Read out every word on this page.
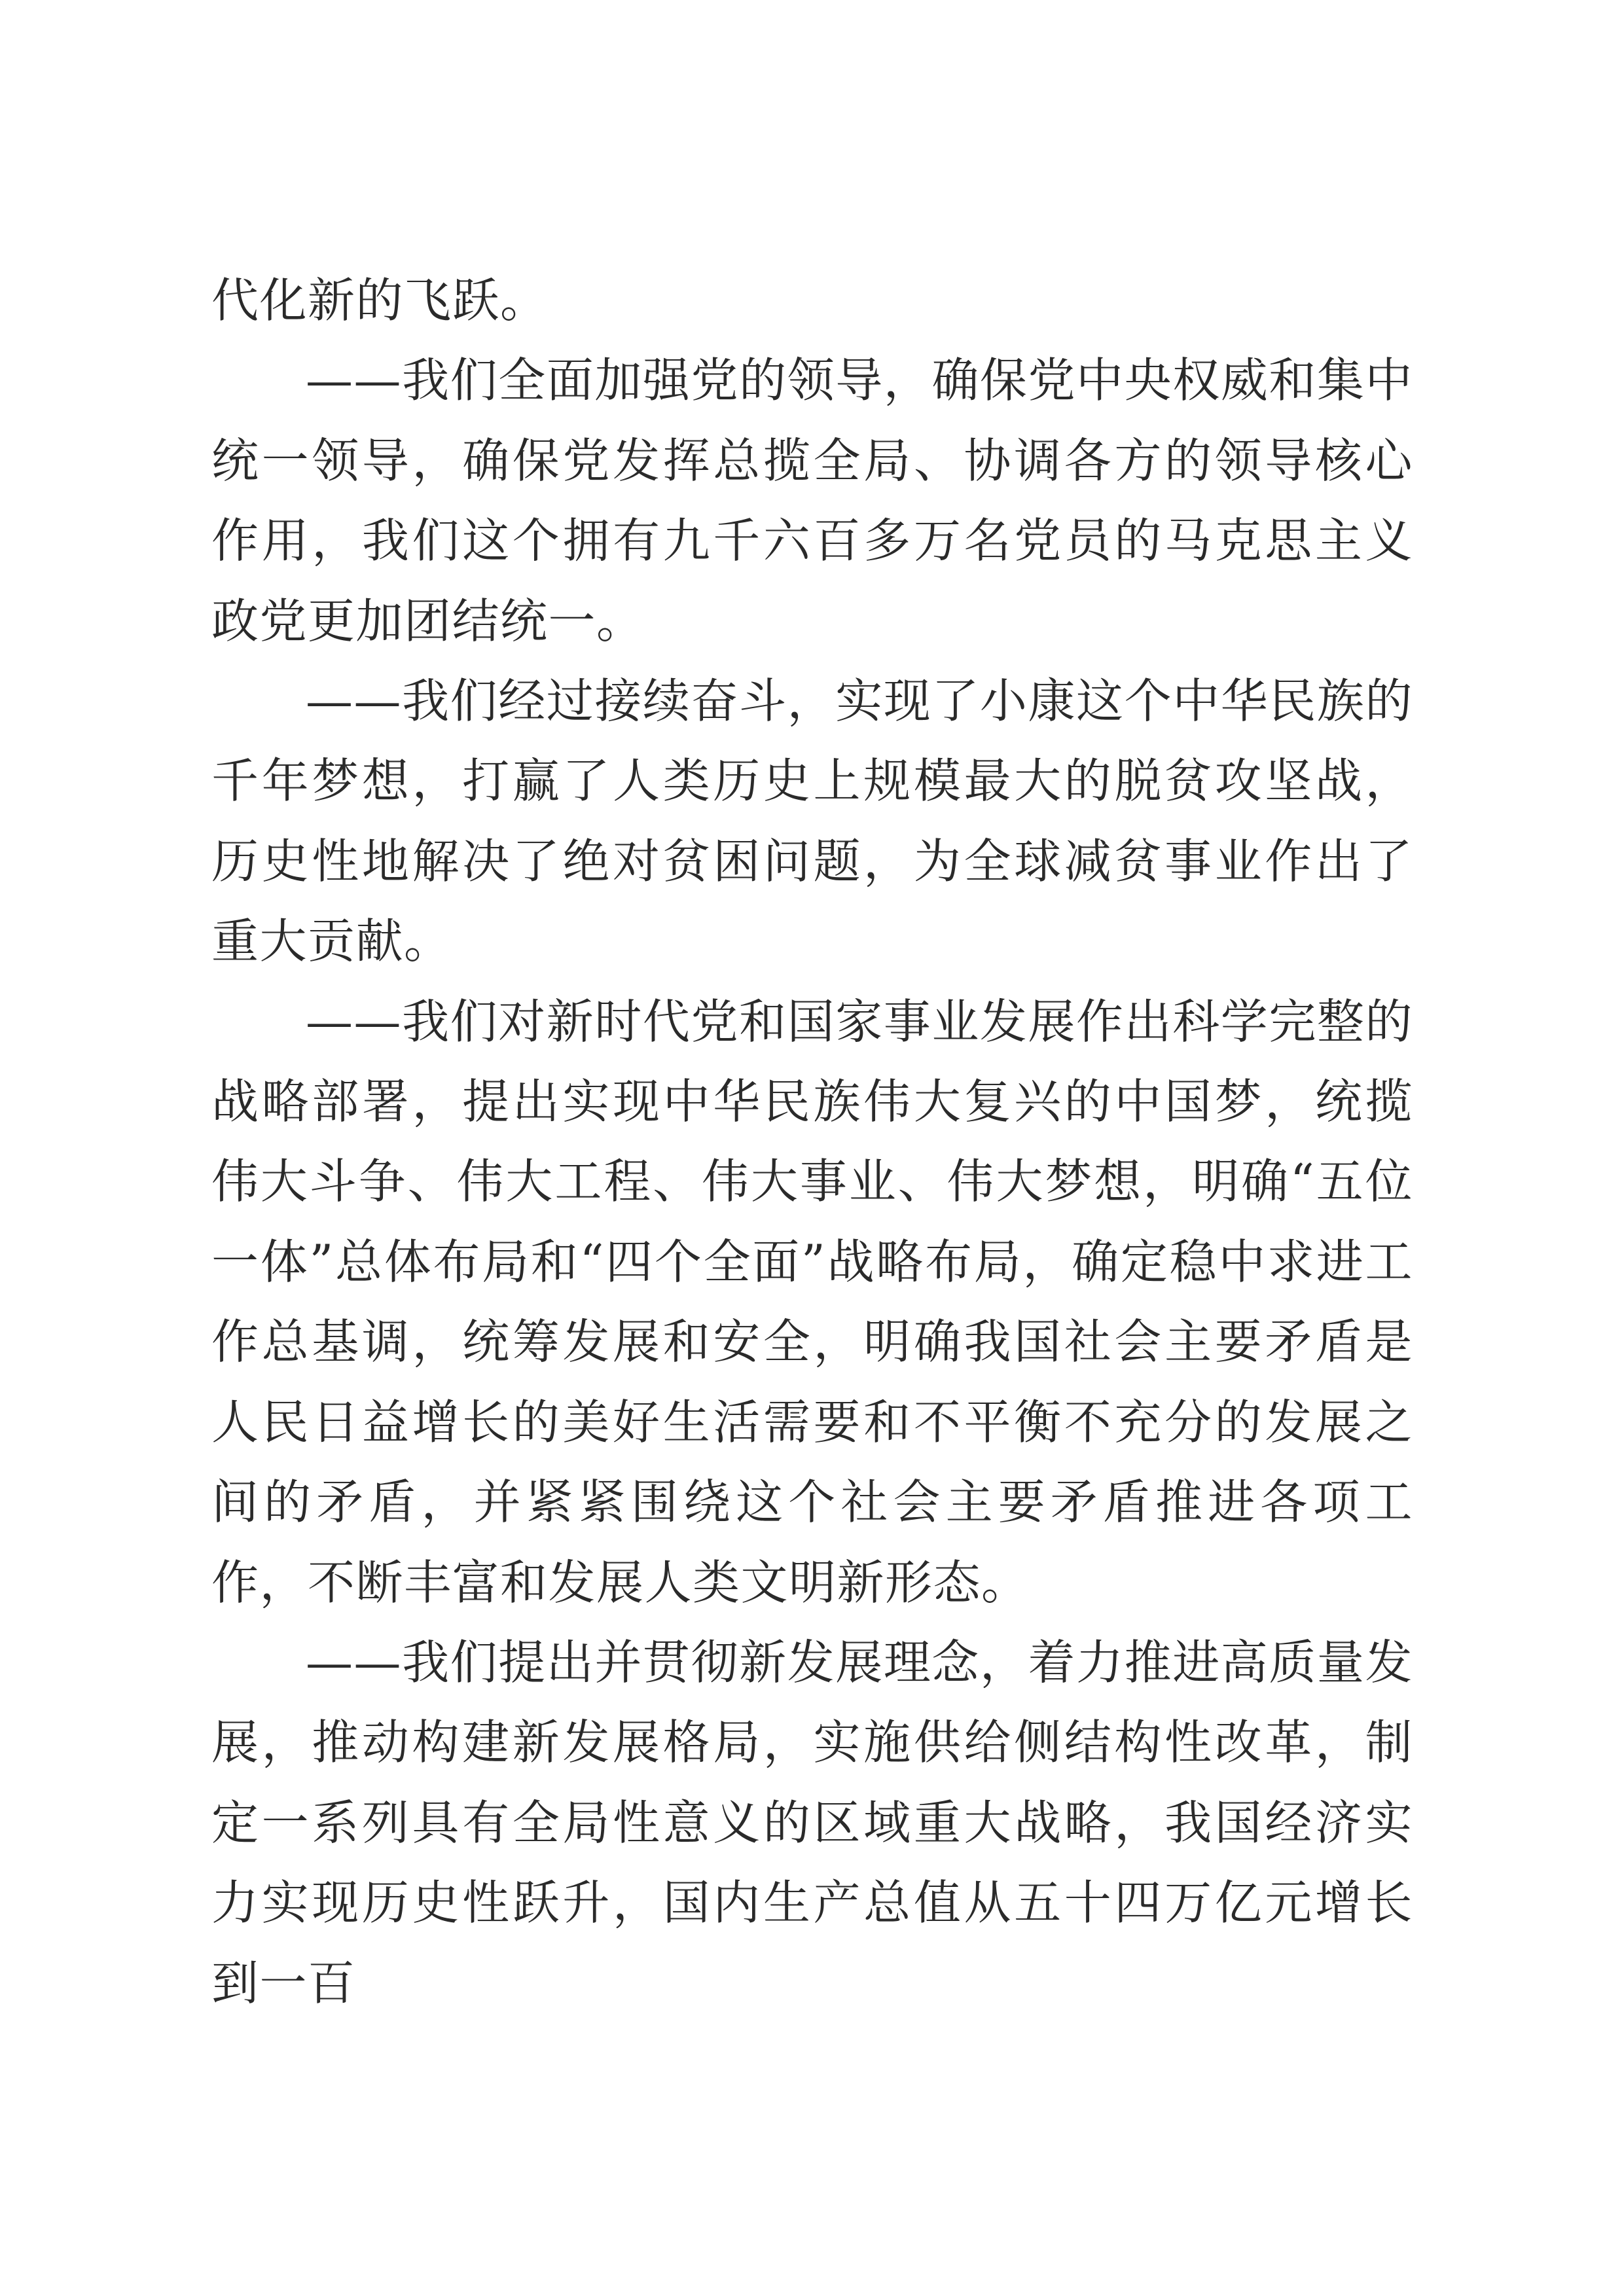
代化新的飞跃。

——我们全面加强党的领导，确保党中央权威和集中统一领导，确保党发挥总揽全局、协调各方的领导核心作用，我们这个拥有九千六百多万名党员的马克思主义政党更加团结统一。

——我们经过接续奋斗，实现了小康这个中华民族的千年梦想，打赢了人类历史上规模最大的脱贫攻坚战，历史性地解决了绝对贫困问题，为全球减贫事业作出了重大贡献。

——我们对新时代党和国家事业发展作出科学完整的战略部署，提出实现中华民族伟大复兴的中国梦，统揽伟大斗争、伟大工程、伟大事业、伟大梦想，明确“五位一体”总体布局和“四个全面”战略布局，确定稳中求进工作总基调，统筹发展和安全，明确我国社会主要矛盾是人民日益增长的美好生活需要和不平衡不充分的发展之间的矛盾，并紧紧围绕这个社会主要矛盾推进各项工作，不断丰富和发展人类文明新形态。

——我们提出并贯彻新发展理念，着力推进高质量发展，推动构建新发展格局，实施供给侧结构性改革，制定一系列具有全局性意义的区域重大战略，我国经济实力实现历史性跃升，国内生产总值从五十四万亿元增长到一百
